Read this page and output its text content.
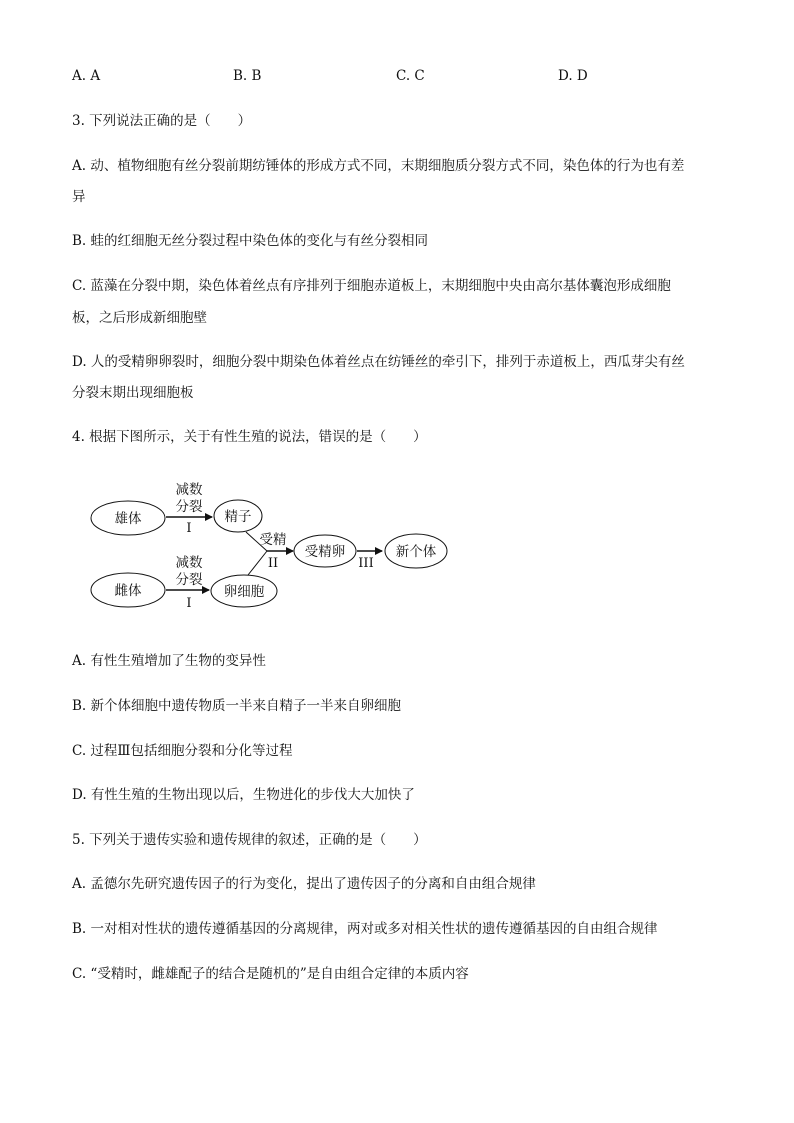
A. A	B. B	C. C	D. D
3. 下列说法正确的是（　　）
A. 动、植物细胞有丝分裂前期纺锤体的形成方式不同，末期细胞质分裂方式不同，染色体的行为也有差
异
B. 蛙的红细胞无丝分裂过程中染色体的变化与有丝分裂相同
C. 蓝藻在分裂中期，染色体着丝点有序排列于细胞赤道板上，末期细胞中央由高尔基体囊泡形成细胞
板，之后形成新细胞壁
D. 人的受精卵卵裂时，细胞分裂中期染色体着丝点在纺锤丝的牵引下，排列于赤道板上，西瓜芽尖有丝
分裂末期出现细胞板
4. 根据下图所示，关于有性生殖的说法，错误的是（　　）
雄体
雌体
减数
分裂
I
减数
分裂
I
精子
卵细胞
受精
II
受精卵
III
新个体
A. 有性生殖增加了生物的变异性
B. 新个体细胞中遗传物质一半来自精子一半来自卵细胞
C. 过程Ⅲ包括细胞分裂和分化等过程
D. 有性生殖的生物出现以后，生物进化的步伐大大加快了
5. 下列关于遗传实验和遗传规律的叙述，正确的是（　　）
A. 孟德尔先研究遗传因子的行为变化，提出了遗传因子的分离和自由组合规律
B. 一对相对性状的遗传遵循基因的分离规律，两对或多对相关性状的遗传遵循基因的自由组合规律
C. “受精时，雌雄配子的结合是随机的”是自由组合定律的本质内容
